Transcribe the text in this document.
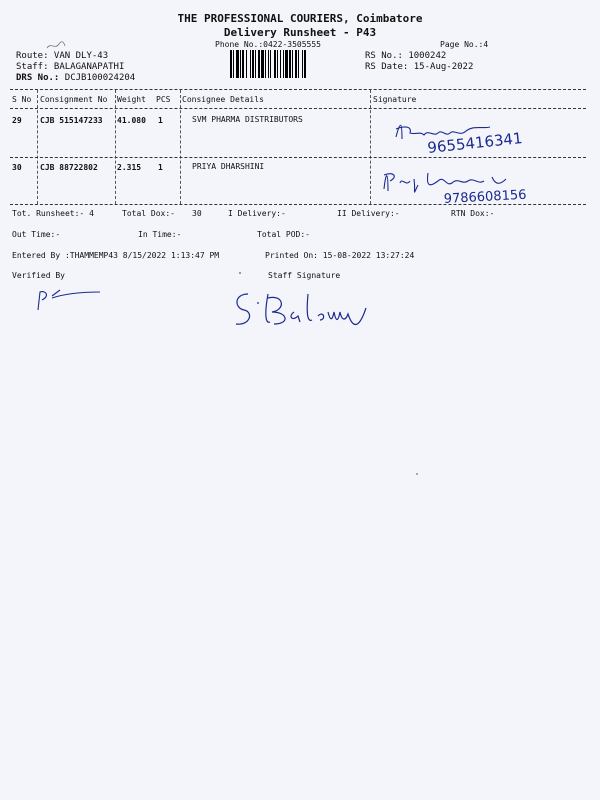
THE PROFESSIONAL COURIERS, Coimbatore
Delivery Runsheet - P43
Phone No.:0422-3505555	Page No.:4
Route: VAN DLY-43
Staff: BALAGANAPATHI
DRS No.: DCJB100024204
RS No.: 1000242
RS Date: 15-Aug-2022
S No Consignment No Weight PCS Consignee Details	Signature
29 CJB 515147233 41.080 1	SVM PHARMA DISTRIBUTORS
9655416341
30 CJB 88722802 2.315 1	PRIYA DHARSHINI
9786608156
Tot. Runsheet:- 4	Total Dox:- 30	I Delivery:-	II Delivery:-	RTN Dox:-
Out Time:-	In Time:-	Total POD:-
Entered By :THAMMEMP43 8/15/2022 1:13:47 PM	Printed On: 15-08-2022 13:27:24
Verified By	Staff Signature
